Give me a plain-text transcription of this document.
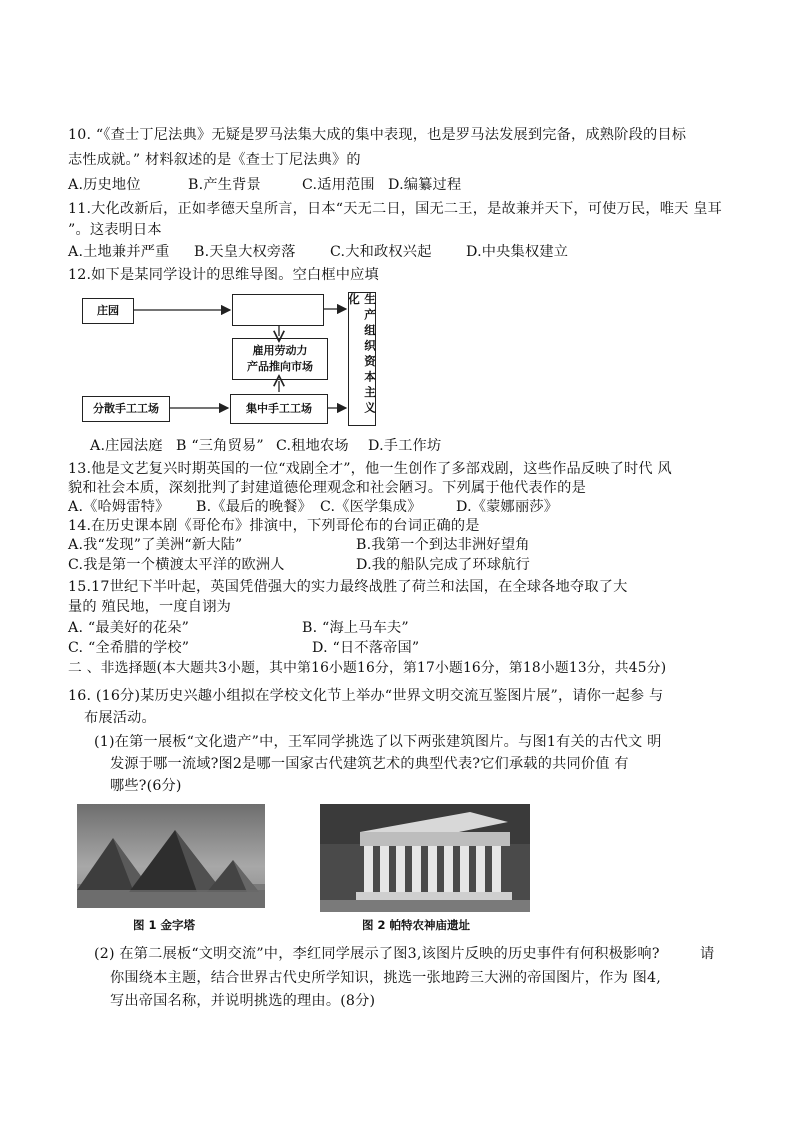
10. “《查士丁尼法典》无疑是罗马法集大成的集中表现，也是罗马法发展到完备，成熟阶段的目标
志性成就。” 材料叙述的是《查士丁尼法典》的
A.历史地位	B.产生背景	C.适用范围 D.编纂过程
11.大化改新后，正如孝德天皇所言，日本“天无二日，国无二王，是故兼并天下，可使万民，唯天 皇耳
”。这表明日本
A.土地兼并严重 B.天皇大权旁落 C.大和政权兴起 D.中央集权建立
12.如下是某同学设计的思维导图。空白框中应填
庄园
雇用劳动力
产品推向市场
分散手工工场	集中手工工场	生产组织资本主义化
A.庄园法庭 B “三角贸易” C.租地农场 D.手工作坊
13.他是文艺复兴时期英国的一位“戏剧全才”，他一生创作了多部戏剧，这些作品反映了时代 风
貌和社会本质，深刻批判了封建道德伦理观念和社会陋习。下列属于他代表作的是
A.《哈姆雷特》 B.《最后的晚餐》 C.《医学集成》 D.《蒙娜丽莎》
14.在历史课本剧《哥伦布》排演中，下列哥伦布的台词正确的是
A.我“发现”了美洲“新大陆”	B.我第一个到达非洲好望角
C.我是第一个横渡太平洋的欧洲人	D.我的船队完成了环球航行
15.17世纪下半叶起，英国凭借强大的实力最终战胜了荷兰和法国，在全球各地夺取了大
量的 殖民地，一度自诩为
A. “最美好的花朵”	B. “海上马车夫”
C. “全希腊的学校”	D. “日不落帝国”
二 、非选择题(本大题共3小题，其中第16小题16分，第17小题16分，第18小题13分，共45分)
16. (16分)某历史兴趣小组拟在学校文化节上举办“世界文明交流互鉴图片展”，请你一起参 与
布展活动。
(1)在第一展板“文化遗产”中，王军同学挑选了以下两张建筑图片。与图1有关的古代文 明
发源于哪一流域?图2是哪一国家古代建筑艺术的典型代表?它们承载的共同价值 有
哪些?(6分)
图 1 金字塔	图 2 帕特农神庙遗址
(2) 在第二展板“文明交流”中，李红同学展示了图3,该图片反映的历史事件有何积极影响?	请
你围绕本主题，结合世界古代史所学知识，挑选一张地跨三大洲的帝国图片，作为 图4,
写出帝国名称，并说明挑选的理由。(8分)
